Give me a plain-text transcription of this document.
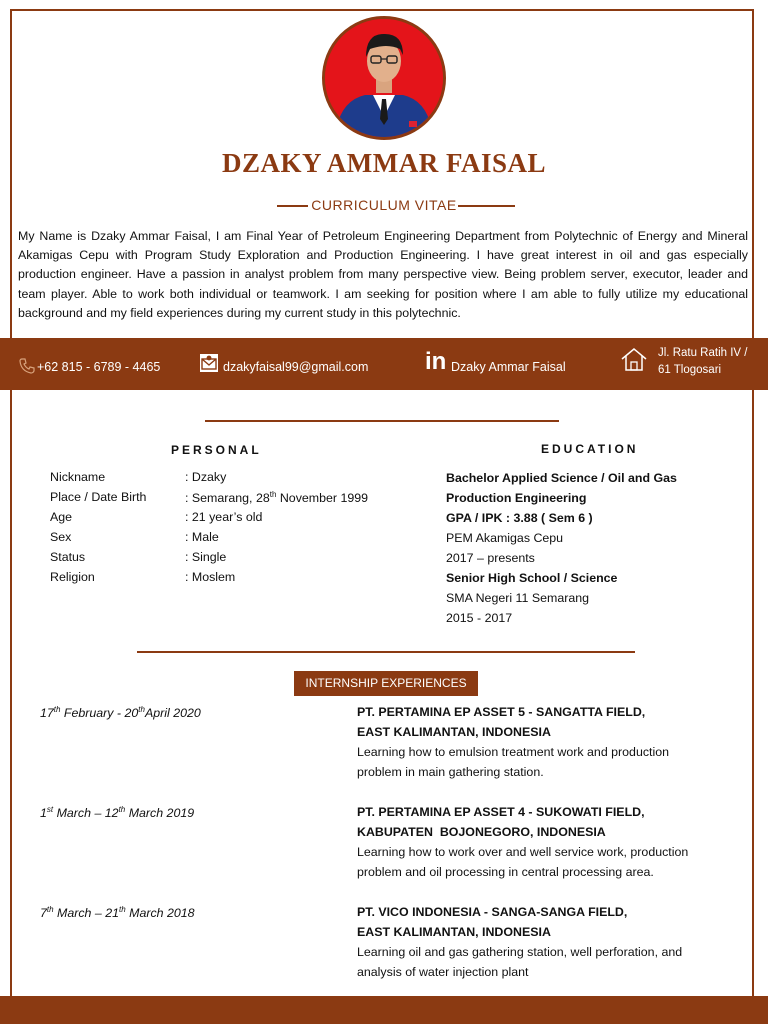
DZAKY AMMAR FAISAL
CURRICULUM VITAE
My Name is Dzaky Ammar Faisal, I am Final Year of Petroleum Engineering Department from Polytechnic of Energy and Mineral Akamigas Cepu with Program Study Exploration and Production Engineering. I have great interest in oil and gas especially production engineer. Have a passion in analyst problem from many perspective view. Being problem server, executor, leader and team player. Able to work both individual or teamwork. I am seeking for position where I am able to fully utilize my educational background and my field experiences during my current study in this polytechnic.
+62 815 - 6789 - 4465	dzakyfaisal99@gmail.com in Dzaky Ammar Faisal
Jl. Ratu Ratih IV /
61 Tlogosari
PERSONAL	EDUCATION
Nickname	: Dzaky
Place / Date Birth	: Semarang, 28th November 1999
Age	: 21 year’s old
Sex	: Male
Status	: Single
Religion	: Moslem
Bachelor Applied Science / Oil and Gas
Production Engineering
GPA / IPK : 3.88 ( Sem 6 )
PEM Akamigas Cepu
2017 – presents
Senior High School / Science
SMA Negeri 11 Semarang
2015 - 2017
INTERNSHIP EXPERIENCES
17th February - 20thApril 2020	PT. PERTAMINA EP ASSET 5 - SANGATTA FIELD,
EAST KALIMANTAN, INDONESIA
Learning how to emulsion treatment work and production
problem in main gathering station.
1st March – 12th March 2019	PT. PERTAMINA EP ASSET 4 - SUKOWATI FIELD,
KABUPATEN  BOJONEGORO, INDONESIA
Learning how to work over and well service work, production
problem and oil processing in central processing area.
7th March – 21th March 2018	PT. VICO INDONESIA - SANGA-SANGA FIELD,
EAST KALIMANTAN, INDONESIA
Learning oil and gas gathering station, well perforation, and
analysis of water injection plant
